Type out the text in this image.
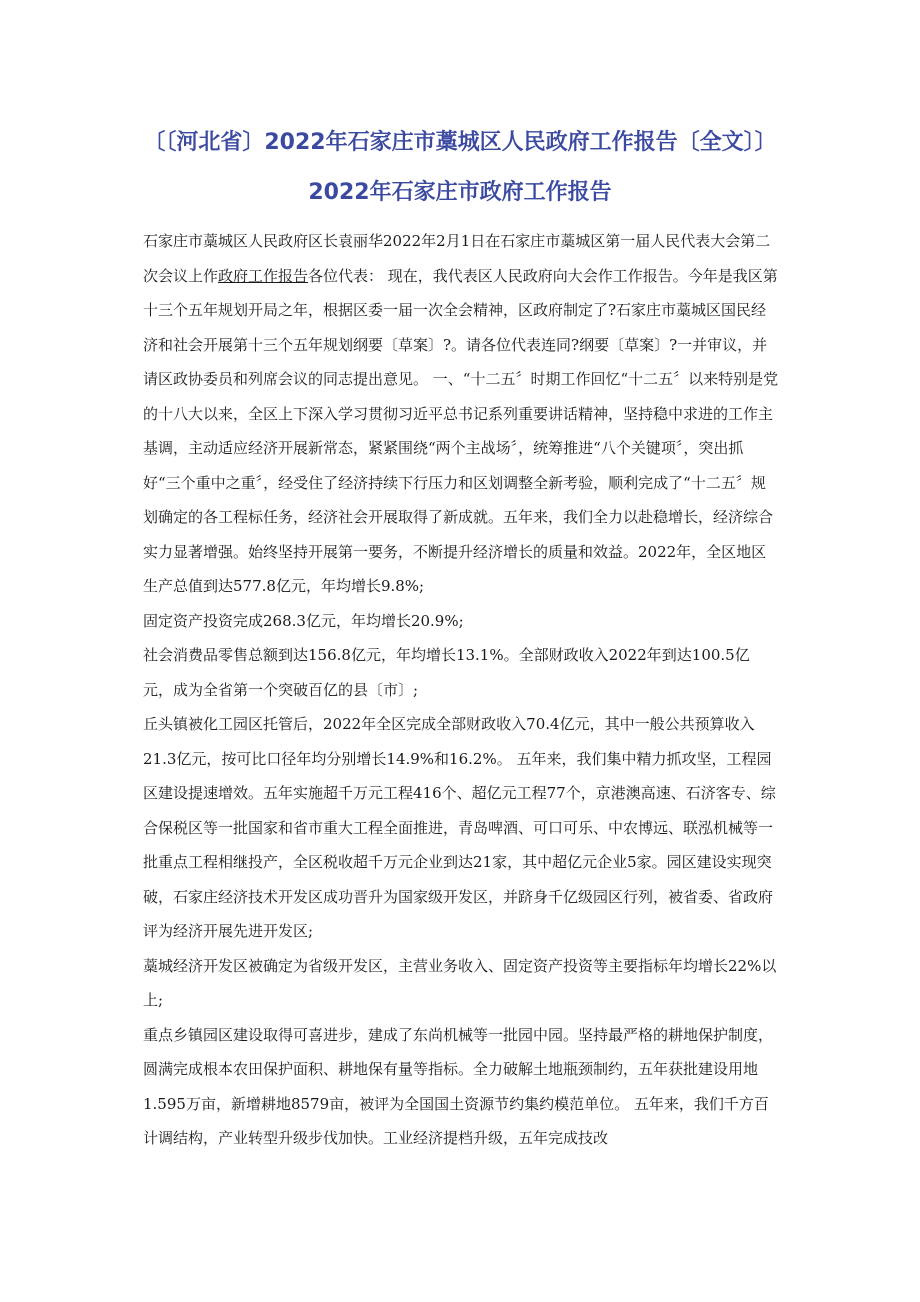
〔〔河北省〕2022年石家庄市藁城区人民政府工作报告〔全文〕〕 2022年石家庄市政府工作报告

石家庄市藁城区人民政府区长袁丽华2022年2月1日在石家庄市藁城区第一届人民代表大会第二次会议上作政府工作报告各位代表： 现在，我代表区人民政府向大会作工作报告。今年是我区第十三个五年规划开局之年，根据区委一届一次全会精神，区政府制定了?石家庄市藁城区国民经济和社会开展第十三个五年规划纲要〔草案〕?。请各位代表连同?纲要〔草案〕?一并审议，并请区政协委员和列席会议的同志提出意见。 一、“十二五〞时期工作回忆“十二五〞以来特别是党的十八大以来，全区上下深入学习贯彻习近平总书记系列重要讲话精神，坚持稳中求进的工作主基调，主动适应经济开展新常态，紧紧围绕“两个主战场〞，统筹推进“八个关键项〞，突出抓好“三个重中之重〞，经受住了经济持续下行压力和区划调整全新考验，顺利完成了“十二五〞规划确定的各工程标任务，经济社会开展取得了新成就。五年来，我们全力以赴稳增长，经济综合实力显著增强。始终坚持开展第一要务，不断提升经济增长的质量和效益。2022年，全区地区生产总值到达577.8亿元，年均增长9.8%;

固定资产投资完成268.3亿元，年均增长20.9%;

社会消费品零售总额到达156.8亿元，年均增长13.1%。全部财政收入2022年到达100.5亿元，成为全省第一个突破百亿的县〔市〕;

丘头镇被化工园区托管后，2022年全区完成全部财政收入70.4亿元，其中一般公共预算收入21.3亿元，按可比口径年均分别增长14.9%和16.2%。 五年来，我们集中精力抓攻坚，工程园区建设提速增效。五年实施超千万元工程416个、超亿元工程77个，京港澳高速、石济客专、综合保税区等一批国家和省市重大工程全面推进，青岛啤酒、可口可乐、中农博远、联泓机械等一批重点工程相继投产，全区税收超千万元企业到达21家，其中超亿元企业5家。园区建设实现突破，石家庄经济技术开发区成功晋升为国家级开发区，并跻身千亿级园区行列，被省委、省政府评为经济开展先进开发区;

藁城经济开发区被确定为省级开发区，主营业务收入、固定资产投资等主要指标年均增长22%以上;

重点乡镇园区建设取得可喜进步，建成了东尚机械等一批园中园。坚持最严格的耕地保护制度，圆满完成根本农田保护面积、耕地保有量等指标。全力破解土地瓶颈制约，五年获批建设用地1.595万亩，新增耕地8579亩，被评为全国国土资源节约集约模范单位。 五年来，我们千方百计调结构，产业转型升级步伐加快。工业经济提档升级，五年完成技改
